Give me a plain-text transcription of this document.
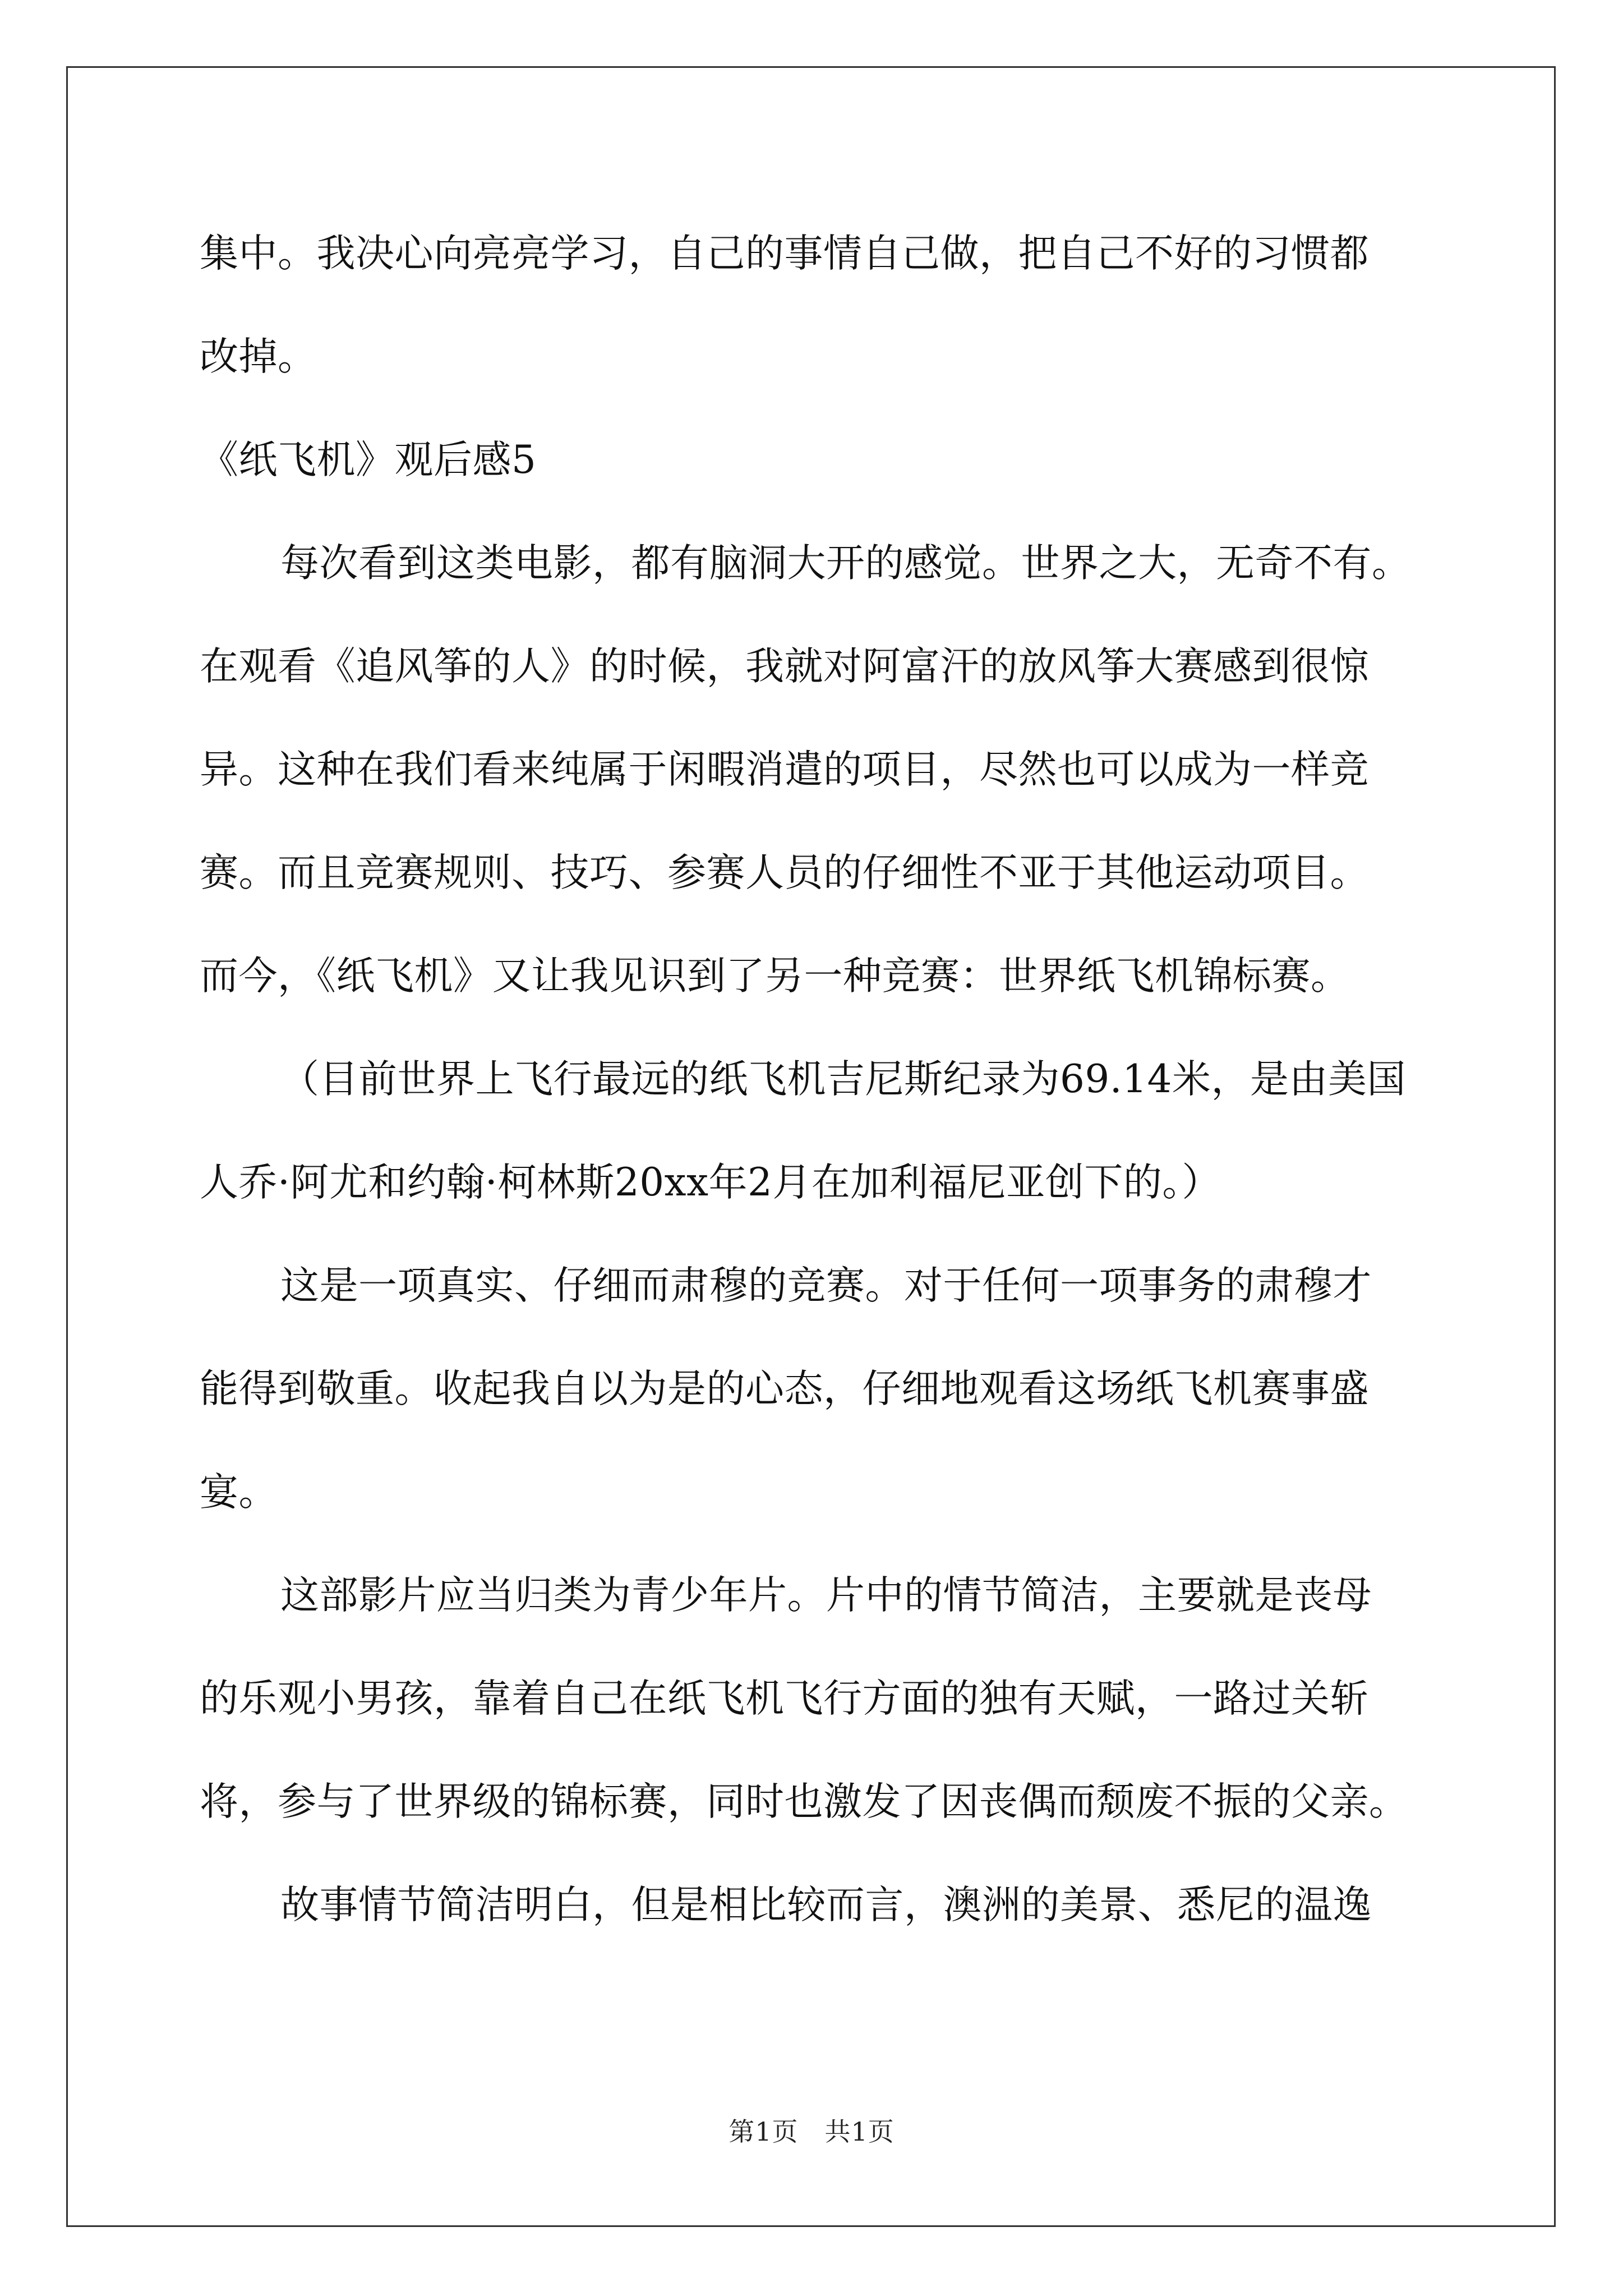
集中。我决心向亮亮学习，自己的事情自己做，把自己不好的习惯都
改掉。
《纸飞机》观后感5
每次看到这类电影，都有脑洞大开的感觉。世界之大，无奇不有。
在观看《追风筝的人》的时候，我就对阿富汗的放风筝大赛感到很惊
异。这种在我们看来纯属于闲暇消遣的项目，尽然也可以成为一样竞
赛。而且竞赛规则、技巧、参赛人员的仔细性不亚于其他运动项目。
而今，《纸飞机》又让我见识到了另一种竞赛：世界纸飞机锦标赛。
（目前世界上飞行最远的纸飞机吉尼斯纪录为69.14米，是由美国
人乔·阿尤和约翰·柯林斯20xx年2月在加利福尼亚创下的。）
这是一项真实、仔细而肃穆的竞赛。对于任何一项事务的肃穆才
能得到敬重。收起我自以为是的心态，仔细地观看这场纸飞机赛事盛
宴。
这部影片应当归类为青少年片。片中的情节简洁，主要就是丧母
的乐观小男孩，靠着自己在纸飞机飞行方面的独有天赋，一路过关斩
将，参与了世界级的锦标赛，同时也激发了因丧偶而颓废不振的父亲。
故事情节简洁明白，但是相比较而言，澳洲的美景、悉尼的温逸
第1页　共1页
